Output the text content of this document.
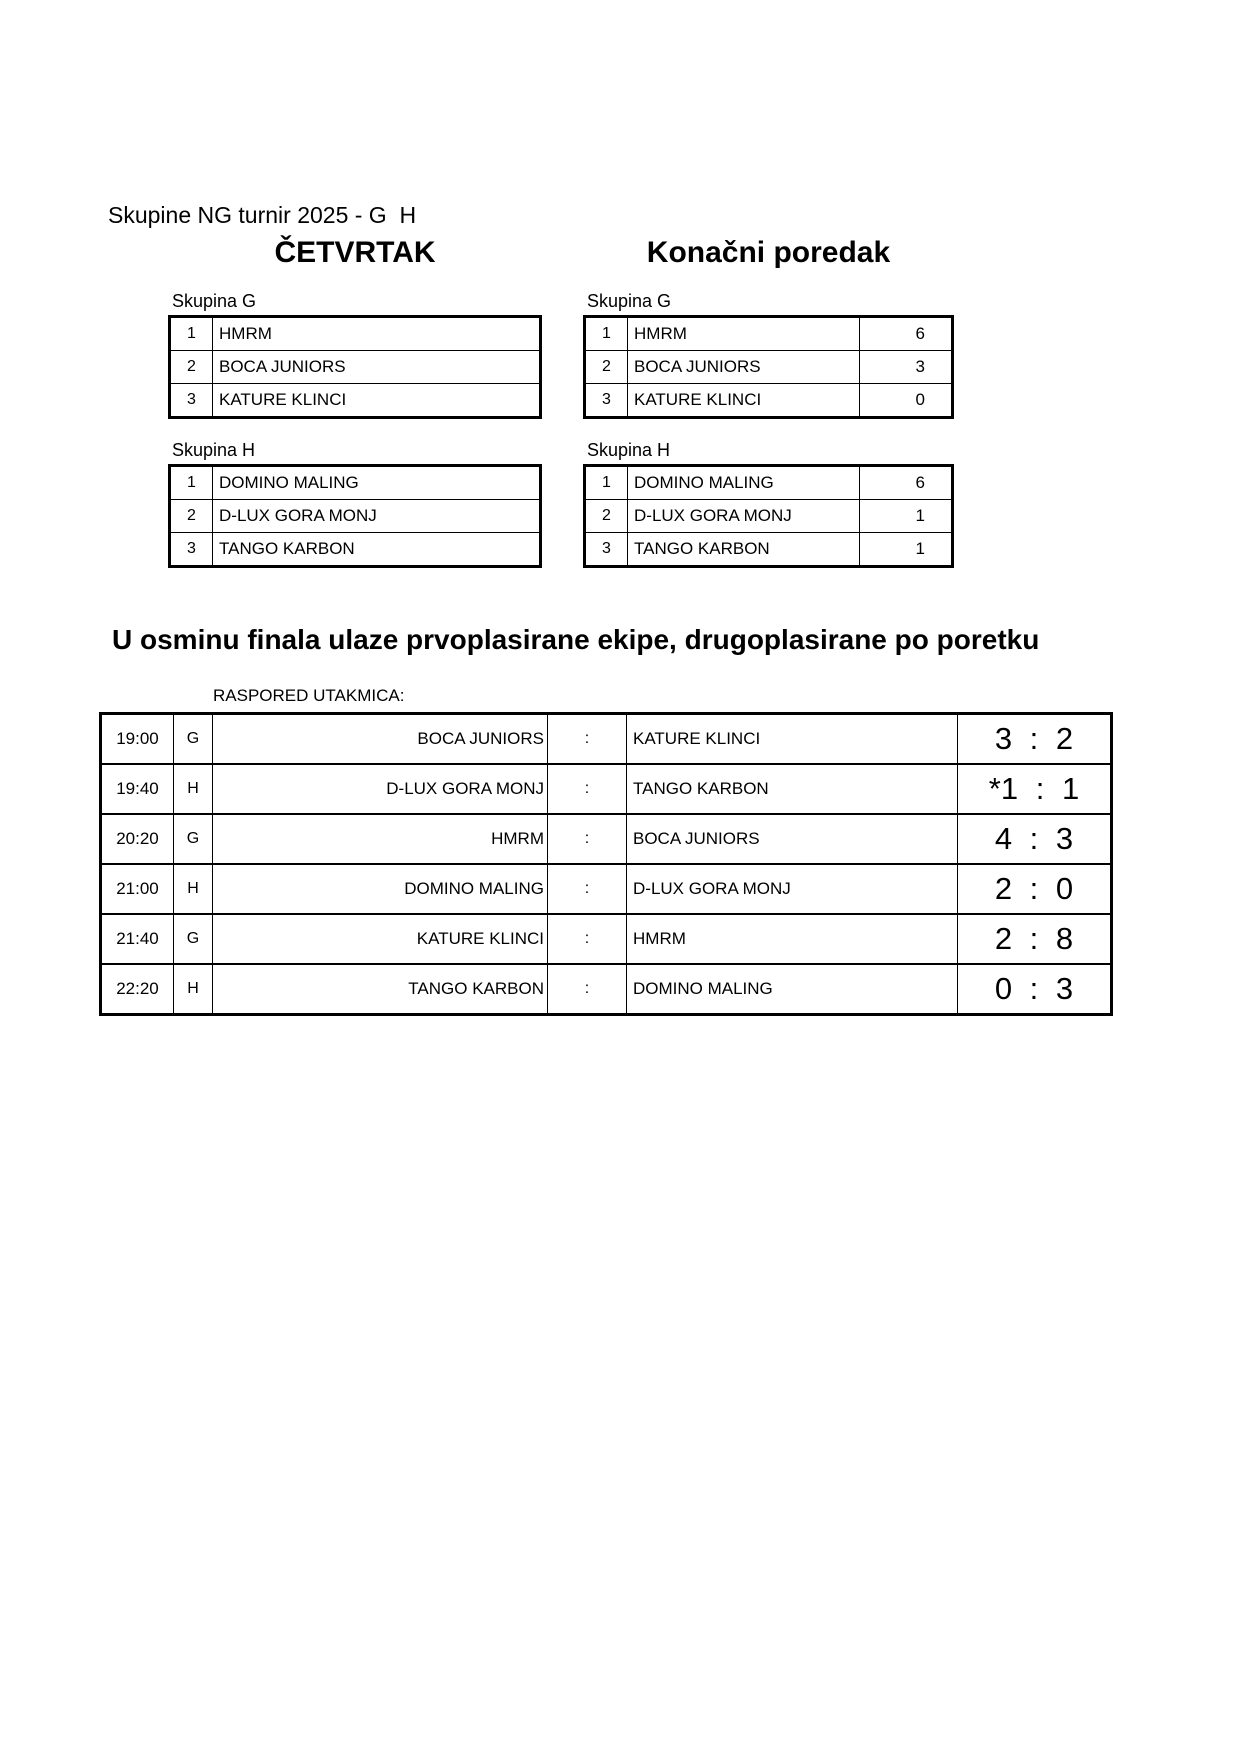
Skupine NG turnir 2025 - G  H
ČETVRTAK	Konačni poredak
Skupina G	Skupina G
Skupina H	Skupina H
1	HMRM
2	BOCA JUNIORS
3	KATURE KLINCI
1	HMRM	6
2	BOCA JUNIORS	3
3	KATURE KLINCI	0
1	DOMINO MALING
2	D-LUX GORA MONJ
3	TANGO KARBON
1	DOMINO MALING	6
2	D-LUX GORA MONJ	1
3	TANGO KARBON	1
U osminu finala ulaze prvoplasirane ekipe, drugoplasirane po poretku
RASPORED UTAKMICA:
19:00	G	BOCA JUNIORS	:	KATURE KLINCI	3 : 2
19:40	H	D-LUX GORA MONJ	:	TANGO KARBON	*1 : 1
20:20	G	HMRM	:	BOCA JUNIORS	4 : 3
21:00	H	DOMINO MALING	:	D-LUX GORA MONJ	2 : 0
21:40	G	KATURE KLINCI	:	HMRM	2 : 8
22:20	H	TANGO KARBON	:	DOMINO MALING	0 : 3
